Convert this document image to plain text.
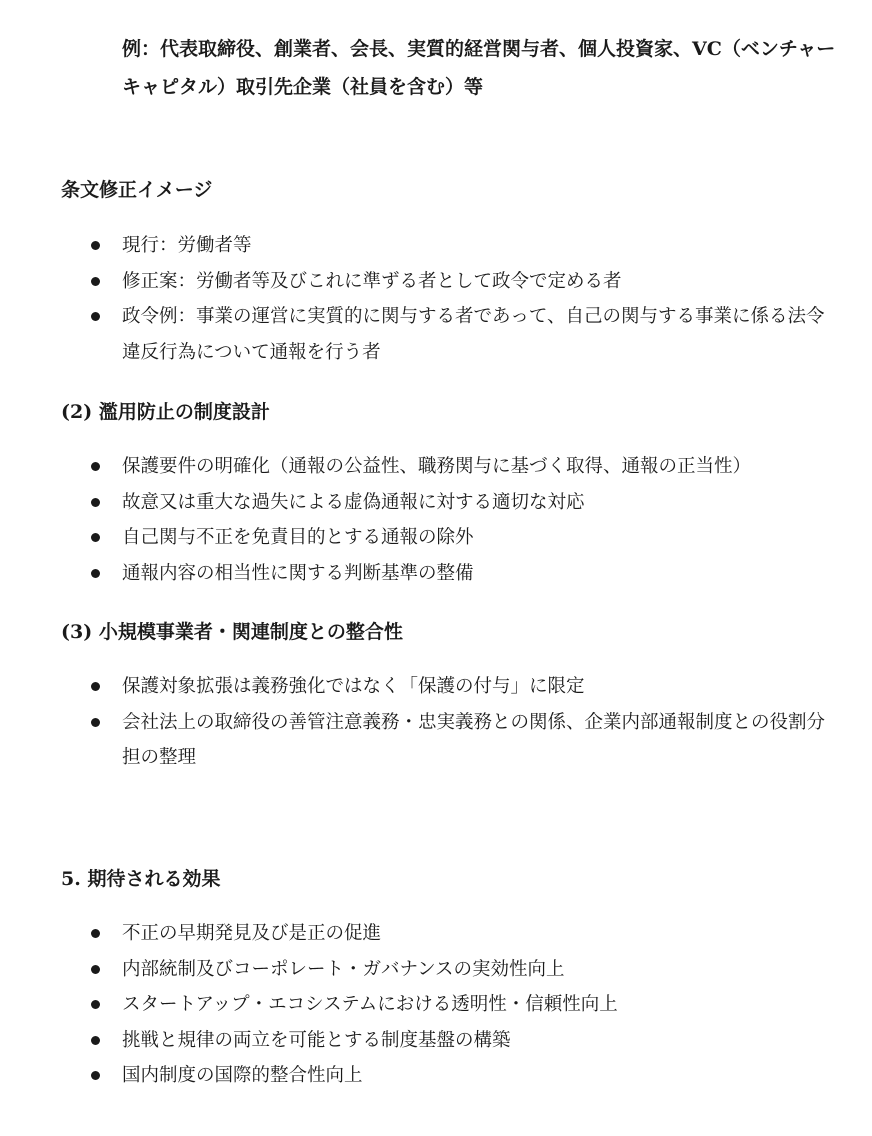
例：代表取締役、創業者、会長、実質的経営関与者、個人投資家、VC（ベンチャーキャピタル）取引先企業（社員を含む）等
条文修正イメージ
現行：労働者等
修正案：労働者等及びこれに準ずる者として政令で定める者
政令例：事業の運営に実質的に関与する者であって、自己の関与する事業に係る法令違反行為について通報を行う者
(2) 濫用防止の制度設計
保護要件の明確化（通報の公益性、職務関与に基づく取得、通報の正当性）
故意又は重大な過失による虚偽通報に対する適切な対応
自己関与不正を免責目的とする通報の除外
通報内容の相当性に関する判断基準の整備
(3) 小規模事業者・関連制度との整合性
保護対象拡張は義務強化ではなく「保護の付与」に限定
会社法上の取締役の善管注意義務・忠実義務との関係、企業内部通報制度との役割分担の整理
5. 期待される効果
不正の早期発見及び是正の促進
内部統制及びコーポレート・ガバナンスの実効性向上
スタートアップ・エコシステムにおける透明性・信頼性向上
挑戦と規律の両立を可能とする制度基盤の構築
国内制度の国際的整合性向上
